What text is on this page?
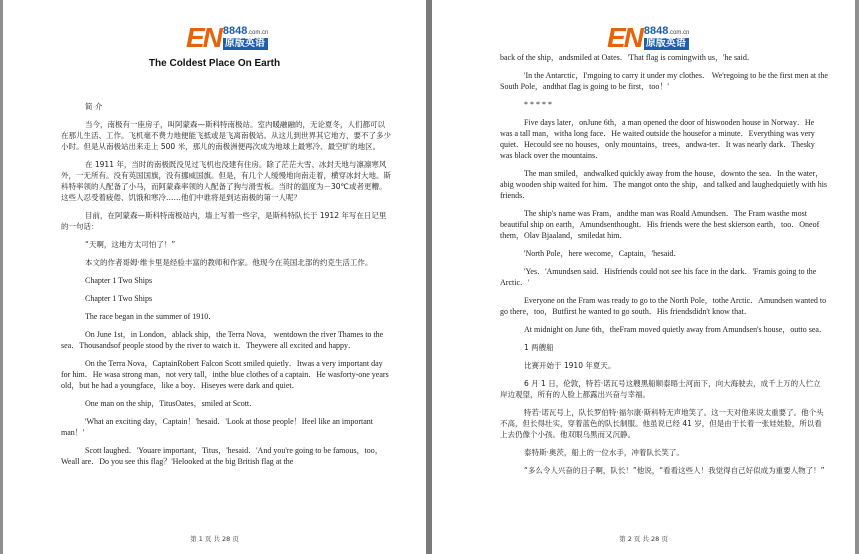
EN 8848.com.cn
原版英语
The Coldest Place On Earth

简 介

当今，南极有一座房子，叫阿蒙森—斯科特南极站。室内暖融融的，无论夏冬，人们都可以在那儿生活、工作。飞机毫不费力地便能飞抵或是飞离南极站。从这儿到世界其它地方，要不了多少小时。但是从南极站出来走上 500 米，那儿的南极洲便再次成为地球上最寒冷、最空旷的地区。

在 1911 年，当时的南极既没见过飞机也没建有住房。除了茫茫大雪、冰封天地与凛凛寒风外，一无所有。没有英国国旗，没有挪威国旗。但是，有几个人缓慢地向南走着，横穿冰封大地。斯科特率领的人配备了小马，而阿蒙森率领的人配备了狗与滑雪板。当时的温度为－30℃或者更糟。这些人忍受着疲倦、饥饿和寒冷……他们中谁将是到达南极的第一人呢？

目前，在阿蒙森—斯科特南极站内，墙上写着一些字，是斯科特队长于 1912 年写在日记里的一句话：

“天啊，这地方太可怕了！”

本文的作者哥姆·维卡里是经验丰富的教师和作家。他现今在英国北部的约克生活工作。

Chapter 1 Two Ships

Chapter 1 Two Ships

The race began in the summer of 1910．

On June 1st，in London，ablack ship，the Terra Nova， wentdown the river Thames to the sea．Thousandsof people stood by the river to watch it．Theywere all excited and happy．

On the Terra Nova，CaptainRobert Falcon Scott smiled quietly．Itwas a very important day for him．He wasa strong man，not very tall，inthe blue clothes of a captain．He wasforty-one years old，but he had a youngface，like a boy．Hiseyes were dark and quiet．

One man on the ship，TitusOates，smiled at Scott．

'What an exciting day，Captain！'hesaid．'Look at those people！Ifeel like an important man！'

Scott laughed．'Youare important，Titus，'hesaid．'And you're going to be famous，too，Weall are．Do you see this flag？'Helooked at the big British flag at the

第 1 页 共 28 页
EN 8848.com.cn
原版英语

back of the ship，andsmiled at Oates．'That flag is comingwith us，'he said．

'In the Antarctic，I'mgoing to carry it under my clothes． We'regoing to be the first men at the South Pole，andthat flag is going to be first，too！'

* * * * *

Five days later，onJune 6th，a man opened the door of hiswooden house in Norway．He was a tall man，witha long face．He waited outside the housefor a minute．Everything was very quiet．Hecould see no houses，only mountains，trees，andwa-ter．It was nearly dark．Thesky was black over the mountains．

The man smiled，andwalked quickly away from the house，downto the sea．In the water，abig wooden ship waited for him．The mangot onto the ship，and talked and laughedquietly with his friends．

The ship's name was Fram，andthe man was Roald Amundsen．The Fram wasthe most beautiful ship on earth，Amundsenthought．His friends were the best skierson earth，too．Oneof them，Olav Bjaaland，smiledat him．

'North Pole，here wecome，Captain，'hesaid．

'Yes．'Amundsen said．Hisfriends could not see his face in the dark．'Framis going to the Arctic．'

Everyone on the Fram was ready to go to the North Pole，tothe Arctic．Amundsen wanted to go there，too，Butfirst he wanted to go south．His friendsdidn't know that．

At midnight on June 6th，theFram moved quietly away from Amundsen's house，outto sea．

1 两艘船

比赛开始于 1910 年夏天。

6 月 1 日，伦敦，特若·诺瓦号这艘黑船顺泰晤士河而下，向大海驶去，成千上万的人伫立岸边观望，所有的人脸上都露出兴奋与幸福。

特若·诺瓦号上，队长罗伯特·福尔康·斯科特无声地笑了。这一天对他来说太重要了。他个头不高，但长得壮实，穿着蓝色的队长制服。他虽说已经 41 岁，但是由于长着一张娃娃脸，所以看上去仍像个小孩。他双眼乌黑而又沉静。

泰特斯·奥茨，船上的一位水手，冲着队长笑了。

“多么令人兴奋的日子啊，队长！”他说，“看看这些人！我觉得自己好似成为重要人物了！”

第 2 页 共 28 页
